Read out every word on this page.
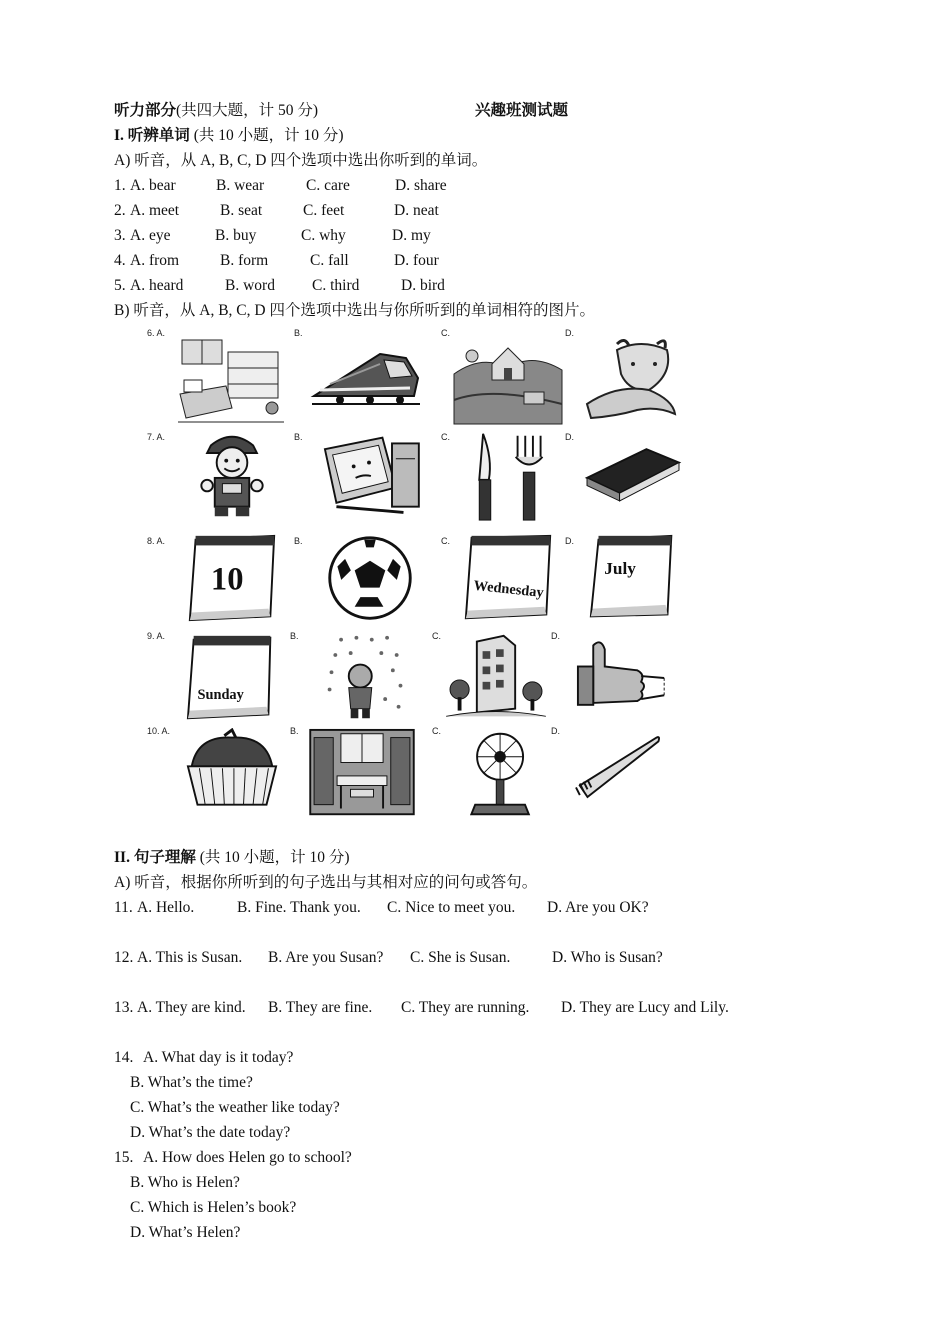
听力部分(共四大题，计 50 分)	兴趣班测试题
I. 听辨单词 (共 10 小题，计 10 分)
A) 听音，从 A, B, C, D 四个选项中选出你听到的单词。
1. A. bear	B. wear	C. care	D. share
2. A. meet	B. seat	C. feet	D. neat
3. A. eye	B. buy	C. why	D. my
4. A. from	B. form	C. fall	D. four
5. A. heard	B. word C. third	D. bird
B) 听音，从 A, B, C, D 四个选项中选出与你所听到的单词相符的图片。
6. A.	B.	C.	D.
7. A.	B.	C.	D.
8. A.	B.	C.	D.
10	Wednesday
July
9. A.	B.	C.	D.
Sunday
10. A.	B.	C.	D.
II. 句子理解 (共 10 小题，计 10 分)
A) 听音，根据你所听到的句子选出与其相对应的问句或答句。
11. A. Hello.	B. Fine. Thank you. C. Nice to meet you. D. Are you OK?
12. A. This is Susan. B. Are you Susan? C. She is Susan.	D. Who is Susan?
13. A. They are kind. B. They are fine. C. They are running. D. They are Lucy and Lily.
14. A. What day is it today?
B. What’s the time?
C. What’s the weather like today?
D. What’s the date today?
15. A. How does Helen go to school?
B. Who is Helen?
C. Which is Helen’s book?
D. What’s Helen?
